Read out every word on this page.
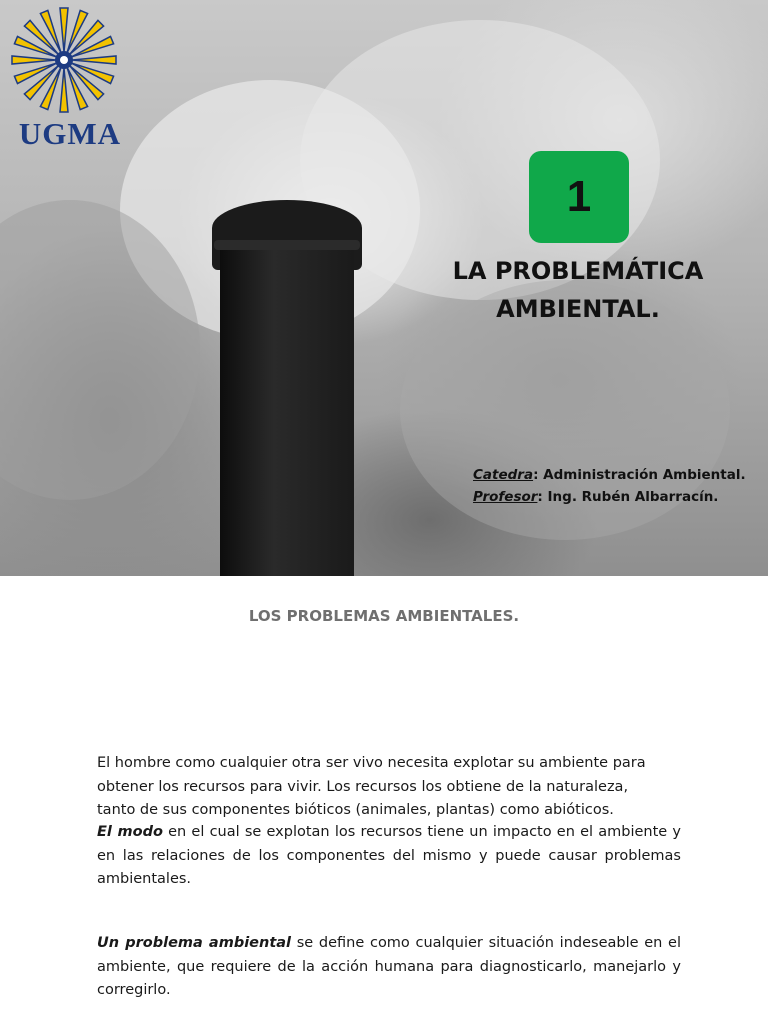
UGMA
1
LA PROBLEMÁTICA
AMBIENTAL.
Catedra: Administración Ambiental.
Profesor: Ing. Rubén Albarracín.
LOS PROBLEMAS AMBIENTALES.
El hombre como cualquier otra ser vivo necesita explotar su ambiente para
obtener los recursos para vivir. Los recursos los obtiene de la naturaleza,
tanto de sus componentes bióticos (animales, plantas) como abióticos.

El modo en el cual se explotan los recursos tiene un impacto en el ambiente y en las relaciones de los componentes del mismo y puede causar problemas ambientales.

Un problema ambiental se define como cualquier situación indeseable en el ambiente, que requiere de la acción humana para diagnosticarlo, manejarlo y corregirlo.
